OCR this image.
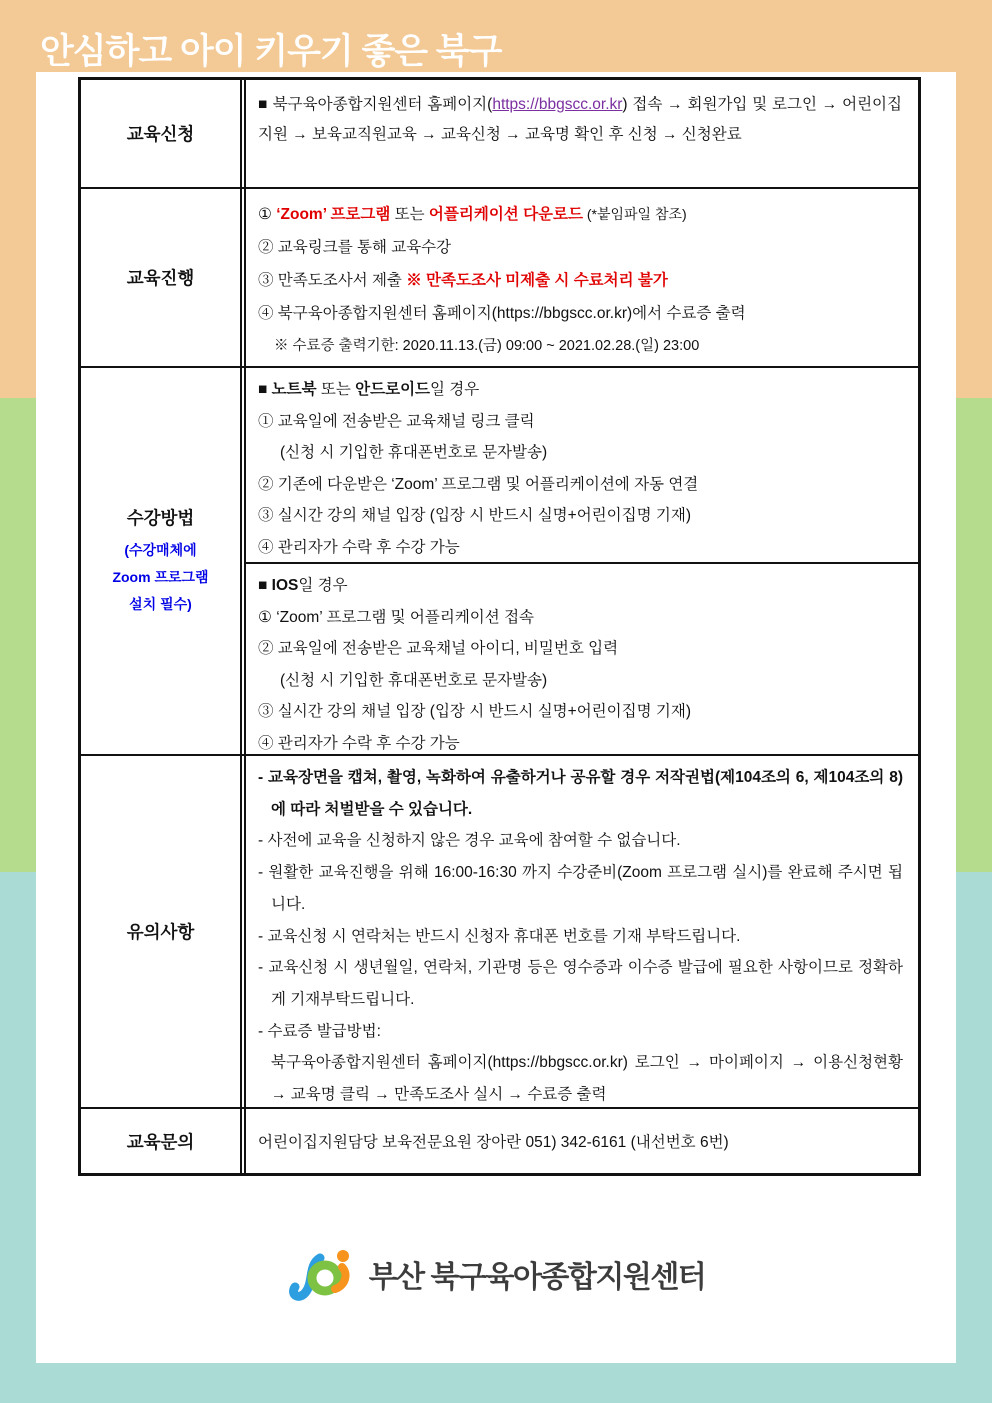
안심하고 아이 키우기 좋은 북구
교육신청
■ 북구육아종합지원센터 홈페이지(https://bbgscc.or.kr) 접속 → 회원가입 및 로그인 → 어린이집지원 → 보육교직원교육 → 교육신청 → 교육명 확인 후 신청 → 신청완료
교육진행
① ‘Zoom’ 프로그램 또는 어플리케이션 다운로드 (*붙임파일 참조)
② 교육링크를 통해 교육수강
③ 만족도조사서 제출 ※ 만족도조사 미제출 시 수료처리 불가
④ 북구육아종합지원센터 홈페이지(https://bbgscc.or.kr)에서 수료증 출력
※ 수료증 출력기한: 2020.11.13.(금) 09:00 ~ 2021.02.28.(일) 23:00
수강방법
(수강매체에
Zoom 프로그램
설치 필수)
■ 노트북 또는 안드로이드일 경우
① 교육일에 전송받은 교육채널 링크 클릭
(신청 시 기입한 휴대폰번호로 문자발송)
② 기존에 다운받은 ‘Zoom’ 프로그램 및 어플리케이션에 자동 연결
③ 실시간 강의 채널 입장 (입장 시 반드시 실명+어린이집명 기재)
④ 관리자가 수락 후 수강 가능
■ IOS일 경우
① ‘Zoom’ 프로그램 및 어플리케이션 접속
② 교육일에 전송받은 교육채널 아이디, 비밀번호 입력
(신청 시 기입한 휴대폰번호로 문자발송)
③ 실시간 강의 채널 입장 (입장 시 반드시 실명+어린이집명 기재)
④ 관리자가 수락 후 수강 가능
유의사항
- 교육장면을 캡쳐, 촬영, 녹화하여 유출하거나 공유할 경우 저작권법(제104조의 6, 제104조의 8)에 따라 처벌받을 수 있습니다.
- 사전에 교육을 신청하지 않은 경우 교육에 참여할 수 없습니다.
- 원활한 교육진행을 위해 16:00-16:30 까지 수강준비(Zoom 프로그램 실시)를 완료해 주시면 됩니다.
- 교육신청 시 연락처는 반드시 신청자 휴대폰 번호를 기재 부탁드립니다.
- 교육신청 시 생년월일, 연락처, 기관명 등은 영수증과 이수증 발급에 필요한 사항이므로 정확하게 기재부탁드립니다.
- 수료증 발급방법:
북구육아종합지원센터 홈페이지(https://bbgscc.or.kr) 로그인 → 마이페이지 → 이용신청현황 → 교육명 클릭 → 만족도조사 실시 → 수료증 출력
교육문의	어린이집지원담당 보육전문요원 장아란 051) 342-6161 (내선번호 6번)
부산 북구육아종합지원센터
